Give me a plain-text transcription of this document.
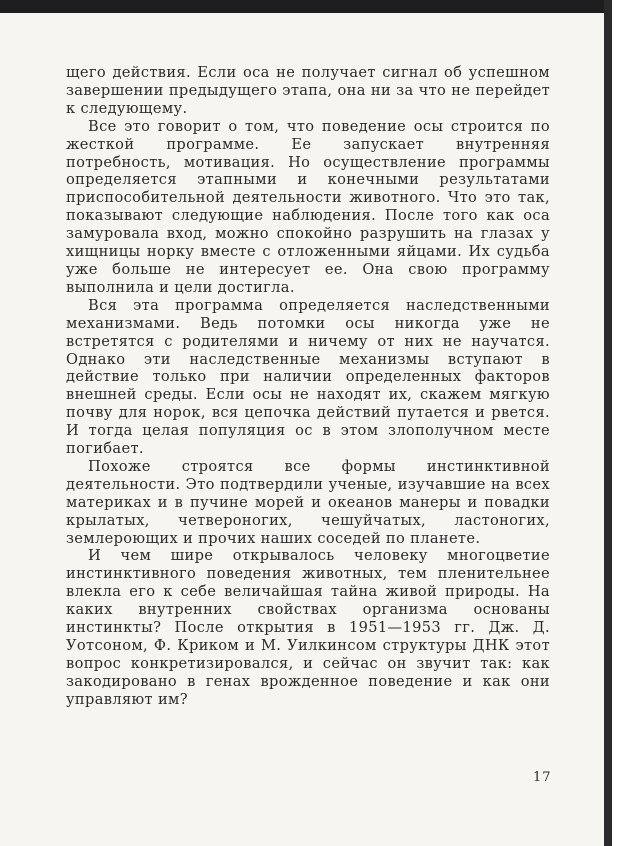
щего действия. Если оса не получает сигнал об успешном завершении предыдущего этапа, она ни за что не перейдет к следующему.

Все это говорит о том, что поведение осы строится по жесткой программе. Ее запускает внутренняя потребность, мотивация. Но осуществление программы определяется этапными и конечными результатами приспособительной деятельности животного. Что это так, показывают следующие наблюдения. После того как оса замуровала вход, можно спокойно разрушить на глазах у хищницы норку вместе с отложенными яйцами. Их судьба уже больше не интересует ее. Она свою программу выполнила и цели достигла.

Вся эта программа определяется наследственными механизмами. Ведь потомки осы никогда уже не встретятся с родителями и ничему от них не научатся. Однако эти наследственные механизмы вступают в действие только при наличии определенных факторов внешней среды. Если осы не находят их, скажем мягкую почву для норок, вся цепочка действий путается и рвется. И тогда целая популяция ос в этом злополучном месте погибает.

Похоже строятся все формы инстинктивной деятельности. Это подтвердили ученые, изучавшие на всех материках и в пучине морей и океанов манеры и повадки крылатых, четвероногих, чешуйчатых, ластоногих, землероющих и прочих наших соседей по планете.

И чем шире открывалось человеку многоцветие инстинктивного поведения животных, тем пленительнее влекла его к себе величайшая тайна живой природы. На каких внутренних свойствах организма основаны инстинкты? После открытия в 1951—1953 гг. Дж. Д. Уотсоном, Ф. Криком и М. Уилкинсом структуры ДНК этот вопрос конкретизировался, и сейчас он звучит так: как закодировано в генах врожденное поведение и как они управляют им?

17
